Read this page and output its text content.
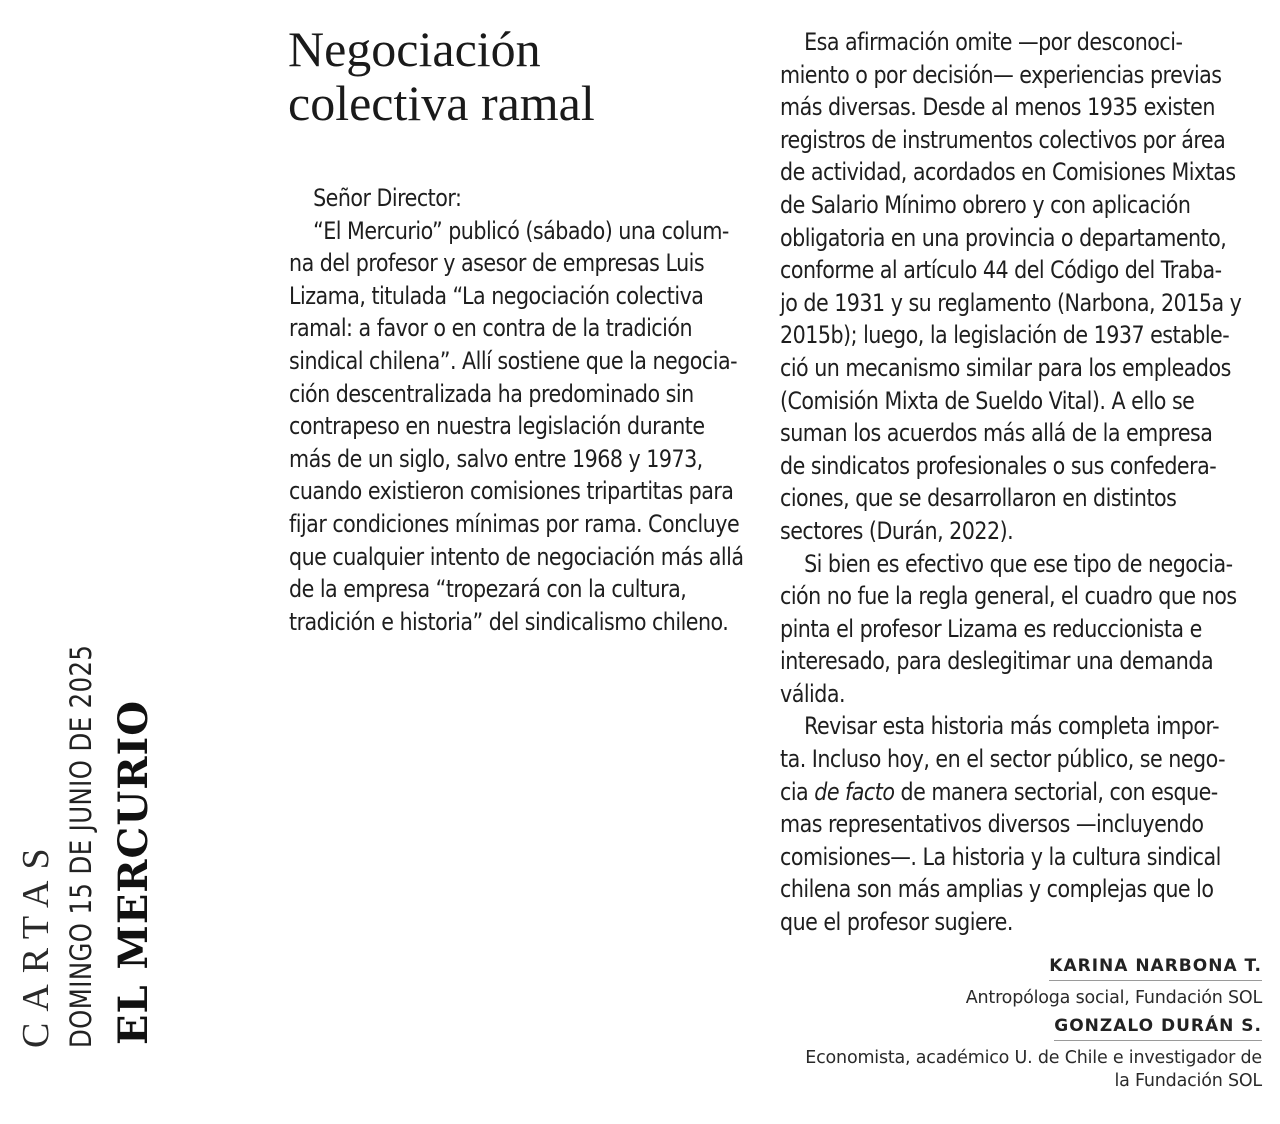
CARTAS DOMINGO 15 DE JUNIO DE 2025 EL MERCURIO
Negociación
colectiva ramal
Señor Director:
“El Mercurio” publicó (sábado) una colum-
na del profesor y asesor de empresas Luis
Lizama, titulada “La negociación colectiva
ramal: a favor o en contra de la tradición
sindical chilena”. Allí sostiene que la negocia-
ción descentralizada ha predominado sin
contrapeso en nuestra legislación durante
más de un siglo, salvo entre 1968 y 1973,
cuando existieron comisiones tripartitas para
fijar condiciones mínimas por rama. Concluye
que cualquier intento de negociación más allá
de la empresa “tropezará con la cultura,
tradición e historia” del sindicalismo chileno.
Esa afirmación omite —por desconoci-
miento o por decisión— experiencias previas
más diversas. Desde al menos 1935 existen
registros de instrumentos colectivos por área
de actividad, acordados en Comisiones Mixtas
de Salario Mínimo obrero y con aplicación
obligatoria en una provincia o departamento,
conforme al artículo 44 del Código del Traba-
jo de 1931 y su reglamento (Narbona, 2015a y
2015b); luego, la legislación de 1937 estable-
ció un mecanismo similar para los empleados
(Comisión Mixta de Sueldo Vital). A ello se
suman los acuerdos más allá de la empresa
de sindicatos profesionales o sus confedera-
ciones, que se desarrollaron en distintos
sectores (Durán, 2022).
Si bien es efectivo que ese tipo de negocia-
ción no fue la regla general, el cuadro que nos
pinta el profesor Lizama es reduccionista e
interesado, para deslegitimar una demanda
válida.
Revisar esta historia más completa impor-
ta. Incluso hoy, en el sector público, se nego-
cia de facto de manera sectorial, con esque-
mas representativos diversos —incluyendo
comisiones—. La historia y la cultura sindical
chilena son más amplias y complejas que lo
que el profesor sugiere.
KARINA NARBONA T.
Antropóloga social, Fundación SOL
GONZALO DURÁN S.
Economista, académico U. de Chile e investigador de
la Fundación SOL
